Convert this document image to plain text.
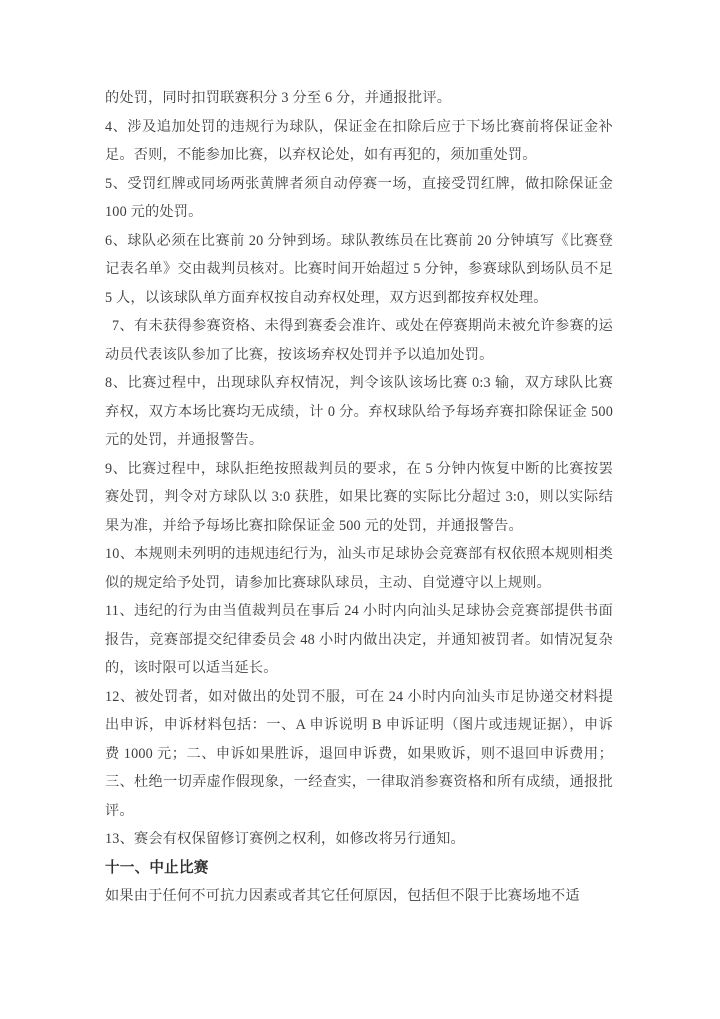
的处罚，同时扣罚联赛积分 3 分至 6 分，并通报批评。
4、涉及追加处罚的违规行为球队，保证金在扣除后应于下场比赛前将保证金补
足。否则，不能参加比赛，以弃权论处，如有再犯的，须加重处罚。
5、受罚红牌或同场两张黄牌者须自动停赛一场，直接受罚红牌，做扣除保证金
100 元的处罚。
6、球队必须在比赛前 20 分钟到场。球队教练员在比赛前 20 分钟填写《比赛登
记表名单》交由裁判员核对。比赛时间开始超过 5 分钟，参赛球队到场队员不足
5 人，以该球队单方面弃权按自动弃权处理，双方迟到都按弃权处理。
7、有未获得参赛资格、未得到赛委会准许、或处在停赛期尚未被允许参赛的运
动员代表该队参加了比赛，按该场弃权处罚并予以追加处罚。
8、比赛过程中，出现球队弃权情况，判令该队该场比赛 0:3 输，双方球队比赛
弃权，双方本场比赛均无成绩，计 0 分。弃权球队给予每场弃赛扣除保证金 500
元的处罚，并通报警告。
9、比赛过程中，球队拒绝按照裁判员的要求，在 5 分钟内恢复中断的比赛按罢
赛处罚，判令对方球队以 3:0 获胜，如果比赛的实际比分超过 3:0，则以实际结
果为准，并给予每场比赛扣除保证金 500 元的处罚，并通报警告。
10、本规则未列明的违规违纪行为，汕头市足球协会竞赛部有权依照本规则相类
似的规定给予处罚，请参加比赛球队球员，主动、自觉遵守以上规则。
11、违纪的行为由当值裁判员在事后 24 小时内向汕头足球协会竞赛部提供书面
报告，竞赛部提交纪律委员会 48 小时内做出决定，并通知被罚者。如情况复杂
的，该时限可以适当延长。
12、被处罚者，如对做出的处罚不服，可在 24 小时内向汕头市足协递交材料提
出申诉，申诉材料包括：一、A 申诉说明 B 申诉证明（图片或违规证据），申诉
费 1000 元；二、申诉如果胜诉，退回申诉费，如果败诉，则不退回申诉费用；
三、杜绝一切弄虚作假现象，一经查实，一律取消参赛资格和所有成绩，通报批
评。
13、赛会有权保留修订赛例之权利，如修改将另行通知。
十一、中止比赛
如果由于任何不可抗力因素或者其它任何原因，包括但不限于比赛场地不适
